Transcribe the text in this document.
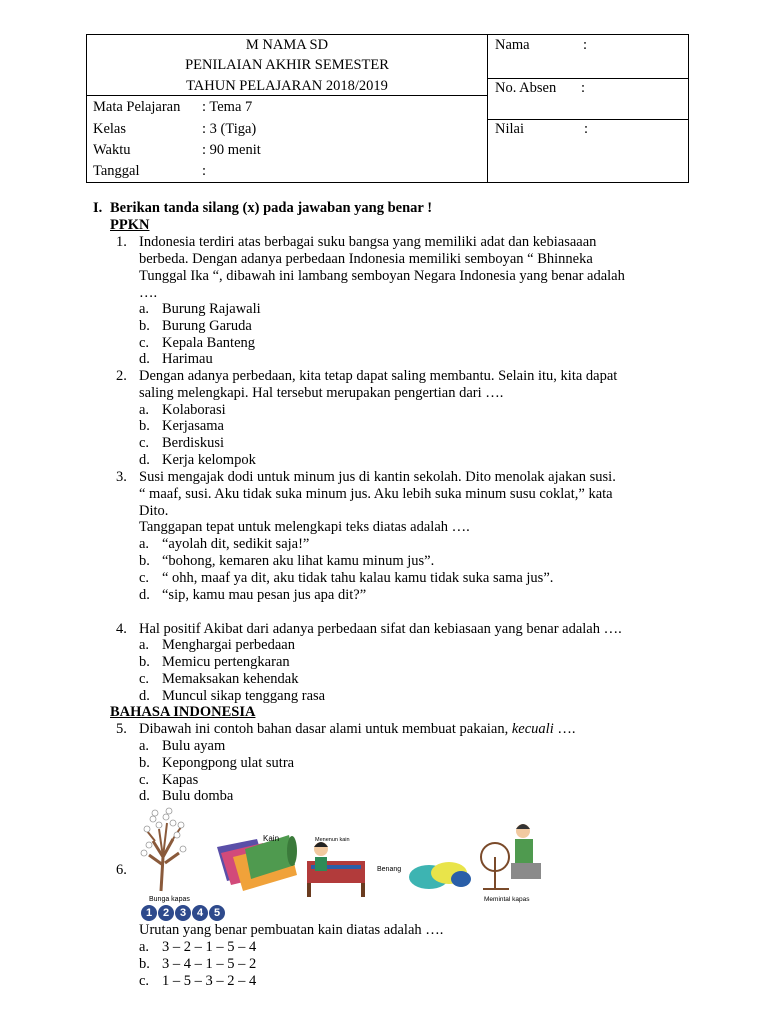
M NAMA SD
PENILAIAN AKHIR SEMESTER
TAHUN PELAJARAN 2018/2019
Mata Pelajaran : Tema 7
Kelas	: 3 (Tiga)
Waktu	: 90 menit
Tanggal	:
Nama	:
No. Absen :
Nilai	:
I. Berikan tanda silang (x) pada jawaban yang benar !
PPKN
1. Indonesia terdiri atas berbagai suku bangsa yang memiliki adat dan kebiasaaan
berbeda. Dengan adanya perbedaan Indonesia memiliki semboyan “ Bhinneka
Tunggal Ika “, dibawah ini lambang semboyan Negara Indonesia yang benar adalah
….
a. Burung Rajawali
b. Burung Garuda
c. Kepala Banteng
d. Harimau
2. Dengan adanya perbedaan, kita tetap dapat saling membantu. Selain itu, kita dapat
saling melengkapi. Hal tersebut merupakan pengertian dari ….
a. Kolaborasi
b. Kerjasama
c. Berdiskusi
d. Kerja kelompok
3. Susi mengajak dodi untuk minum jus di kantin sekolah. Dito menolak ajakan susi.
“ maaf, susi. Aku tidak suka minum jus. Aku lebih suka minum susu coklat,” kata
Dito.
Tanggapan tepat untuk melengkapi teks diatas adalah ….
a. “ayolah dit, sedikit saja!”
b. “bohong, kemaren aku lihat kamu minum jus”.
c. “ ohh, maaf ya dit, aku tidak tahu kalau kamu tidak suka sama jus”.
d. “sip, kamu mau pesan jus apa dit?”
4. Hal positif Akibat dari adanya perbedaan sifat dan kebiasaan yang benar adalah ….
a. Menghargai perbedaan
b. Memicu pertengkaran
c. Memaksakan kehendak
d. Muncul sikap tenggang rasa
BAHASA INDONESIA
5. Dibawah ini contoh bahan dasar alami untuk membuat pakaian, kecuali ….
a. Bulu ayam
b. Kepongpong ulat sutra
c. Kapas
d. Bulu domba
Kain	Menenun kain
Benang
Bunga kapas	Memintal kapas
6.
1 2 3 4 5
Urutan yang benar pembuatan kain diatas adalah ….
a. 3 – 2 – 1 – 5 – 4
b. 3 – 4 – 1 – 5 – 2
c. 1 – 5 – 3 – 2 – 4
